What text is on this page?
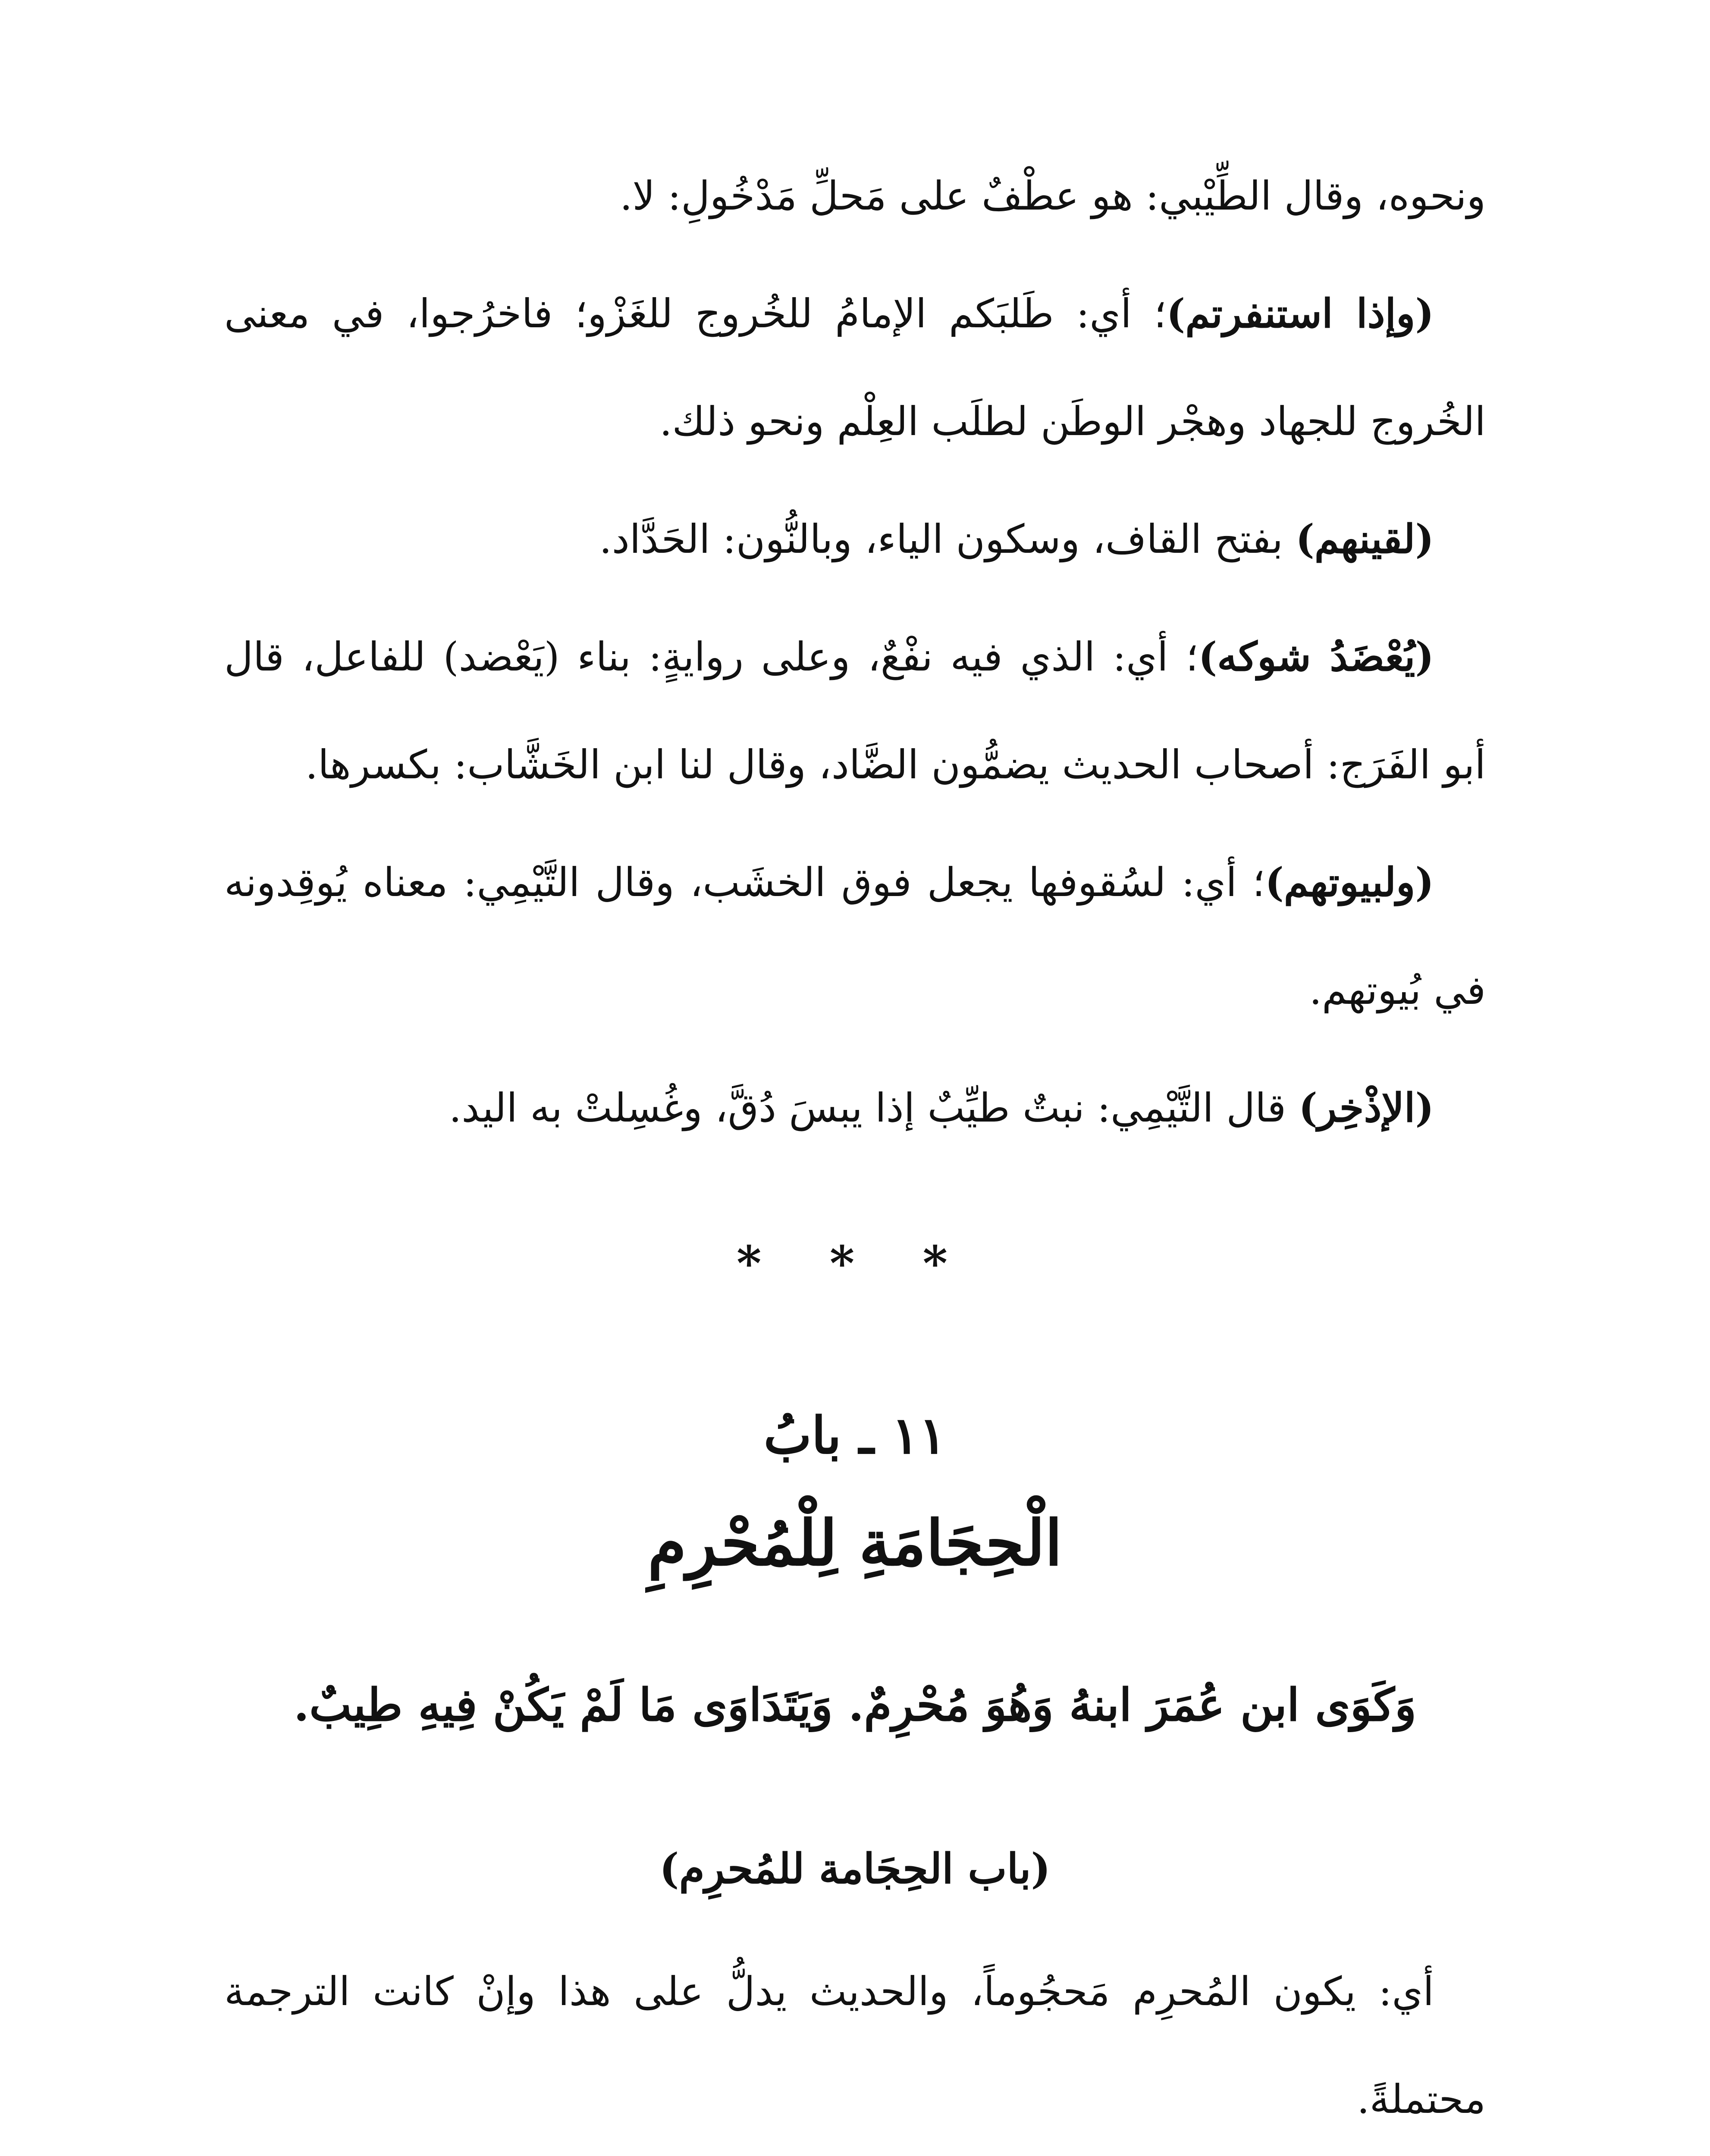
ونحوه، وقال الطِّيْبي: هو عطْفٌ على مَحلِّ مَدْخُولِ: لا.

(وإذا استنفرتم)؛ أي: طَلبَكم الإمامُ للخُروج للغَزْو؛ فاخرُجوا، في معنى الخُروج للجهاد وهجْر الوطَن لطلَب العِلْم ونحو ذلك.

(لقينهم) بفتح القاف، وسكون الياء، وبالنُّون: الحَدَّاد.

(يُعْضَدُ شوكه)؛ أي: الذي فيه نفْعٌ، وعلى روايةٍ: بناء (يَعْضد) للفاعل، قال أبو الفَرَج: أصحاب الحديث يضمُّون الضَّاد، وقال لنا ابن الخَشَّاب: بكسرها.

(ولبيوتهم)؛ أي: لسُقوفها يجعل فوق الخشَب، وقال التَّيْمِي: معناه يُوقِدونه في بُيوتهم.

(الإذْخِر) قال التَّيْمِي: نبتٌ طيِّبٌ إذا يبسَ دُقَّ، وغُسِلتْ به اليد.

* * *
١١ ـ بابُ
الْحِجَامَةِ لِلْمُحْرِمِ
وَكَوَى ابن عُمَرَ ابنهُ وَهُوَ مُحْرِمٌ. وَيَتَدَاوَى مَا لَمْ يَكُنْ فِيهِ طِيبٌ.
(باب الحِجَامة للمُحرِم)

أي: يكون المُحرِم مَحجُوماً، والحديث يدلُّ على هذا وإنْ كانت الترجمة محتملةً.
